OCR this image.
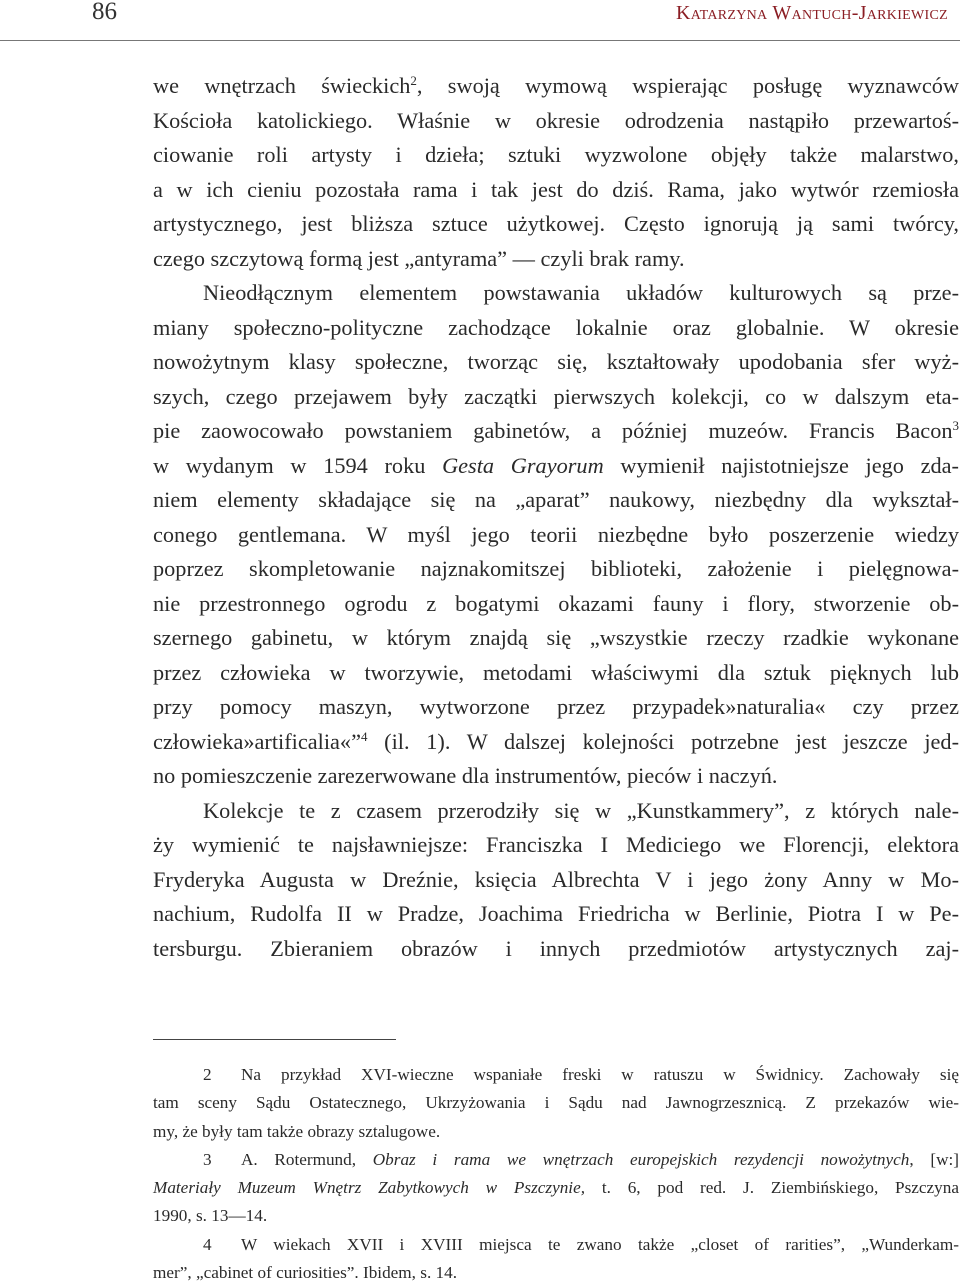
86	Katarzyna Wantuch-Jarkiewicz
we wnętrzach świeckich$^2$, swoją wymową wspierając posługę wyznawców
Kościoła katolickiego. Właśnie w okresie odrodzenia nastąpiło przewartoś-
ciowanie roli artysty i dzieła; sztuki wyzwolone objęły także malarstwo,
a w ich cieniu pozostała rama i tak jest do dziś. Rama, jako wytwór rzemiosła
artystycznego, jest bliższa sztuce użytkowej. Często ignorują ją sami twórcy,
czego szczytową formą jest „antyrama” — czyli brak ramy.
Nieodłącznym elementem powstawania układów kulturowych są prze-
miany społeczno-polityczne zachodzące lokalnie oraz globalnie. W okresie
nowożytnym klasy społeczne, tworząc się, kształtowały upodobania sfer wyż-
szych, czego przejawem były zaczątki pierwszych kolekcji, co w dalszym eta-
pie zaowocowało powstaniem gabinetów, a później muzeów. Francis Bacon$^3$
w wydanym w 1594 roku Gesta Grayorum wymienił najistotniejsze jego zda-
niem elementy składające się na „aparat” naukowy, niezbędny dla wykształ-
conego gentlemana. W myśl jego teorii niezbędne było poszerzenie wiedzy
poprzez skompletowanie najznakomitszej biblioteki, założenie i pielęgnowa-
nie przestronnego ogrodu z bogatymi okazami fauny i flory, stworzenie ob-
szernego gabinetu, w którym znajdą się „wszystkie rzeczy rzadkie wykonane
przez człowieka w tworzywie, metodami właściwymi dla sztuk pięknych lub
przy pomocy maszyn, wytworzone przez przypadek»naturalia« czy przez
człowieka»artificalia«”$^4$ (il. 1). W dalszej kolejności potrzebne jest jeszcze jed-
no pomieszczenie zarezerwowane dla instrumentów, pieców i naczyń.
Kolekcje te z czasem przerodziły się w „Kunstkammery”, z których nale-
ży wymienić te najsławniejsze: Franciszka I Mediciego we Florencji, elektora
Fryderyka Augusta w Dreźnie, księcia Albrechta V i jego żony Anny w Mo-
nachium, Rudolfa II w Pradze, Joachima Friedricha w Berlinie, Piotra I w Pe-
tersburgu. Zbieraniem obrazów i innych przedmiotów artystycznych zaj-
2 Na przykład XVI-wieczne wspaniałe freski w ratuszu w Świdnicy. Zachowały się
tam sceny Sądu Ostatecznego, Ukrzyżowania i Sądu nad Jawnogrzesznicą. Z przekazów wie-
my, że były tam także obrazy sztalugowe.
3 A. Rotermund, Obraz i rama we wnętrzach europejskich rezydencji nowożytnych, [w:]
Materiały Muzeum Wnętrz Zabytkowych w Pszczynie, t. 6, pod red. J. Ziembińskiego, Pszczyna
1990, s. 13—14.
4 W wiekach XVII i XVIII miejsca te zwano także „closet of rarities”, „Wunderkam-
mer”, „cabinet of curiosities”. Ibidem, s. 14.
